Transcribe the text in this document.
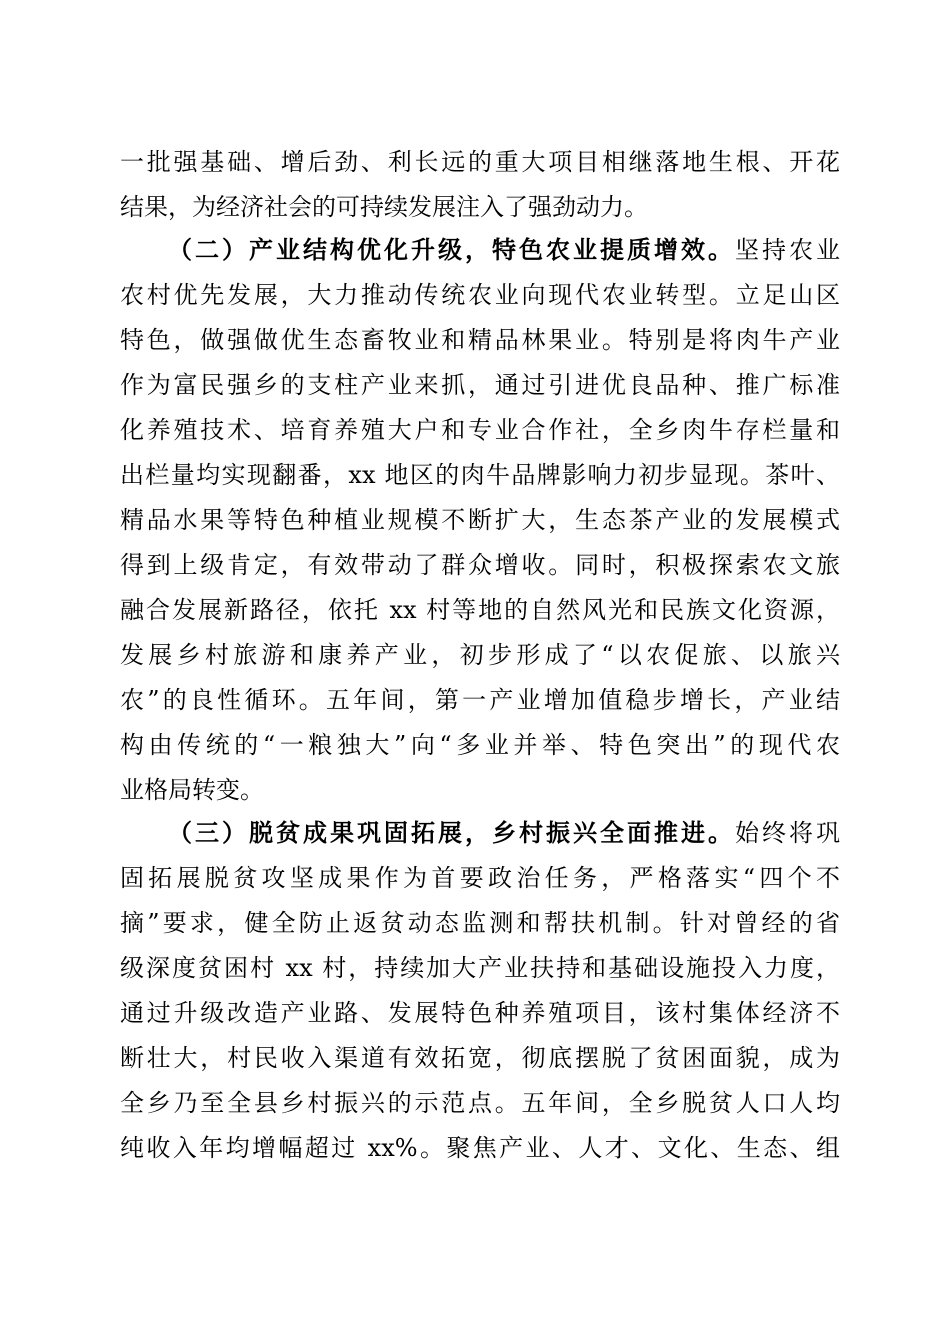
一批强基础、增后劲、利长远的重大项目相继落地生根、开花

结果，为经济社会的可持续发展注入了强劲动力。

（二）产业结构优化升级，特色农业提质增效。坚持农业

农村优先发展，大力推动传统农业向现代农业转型。立足山区

特色，做强做优生态畜牧业和精品林果业。特别是将肉牛产业

作为富民强乡的支柱产业来抓，通过引进优良品种、推广标准

化养殖技术、培育养殖大户和专业合作社，全乡肉牛存栏量和

出栏量均实现翻番，xx 地区的肉牛品牌影响力初步显现。茶叶、

精品水果等特色种植业规模不断扩大，生态茶产业的发展模式

得到上级肯定，有效带动了群众增收。同时，积极探索农文旅

融合发展新路径，依托 xx 村等地的自然风光和民族文化资源，

发展乡村旅游和康养产业，初步形成了“以农促旅、以旅兴

农”的良性循环。五年间，第一产业增加值稳步增长，产业结

构由传统的“一粮独大”向“多业并举、特色突出”的现代农

业格局转变。

（三）脱贫成果巩固拓展，乡村振兴全面推进。始终将巩

固拓展脱贫攻坚成果作为首要政治任务，严格落实“四个不

摘”要求，健全防止返贫动态监测和帮扶机制。针对曾经的省

级深度贫困村 xx 村，持续加大产业扶持和基础设施投入力度，

通过升级改造产业路、发展特色种养殖项目，该村集体经济不

断壮大，村民收入渠道有效拓宽，彻底摆脱了贫困面貌，成为

全乡乃至全县乡村振兴的示范点。五年间，全乡脱贫人口人均

纯收入年均增幅超过 xx%。聚焦产业、人才、文化、生态、组
